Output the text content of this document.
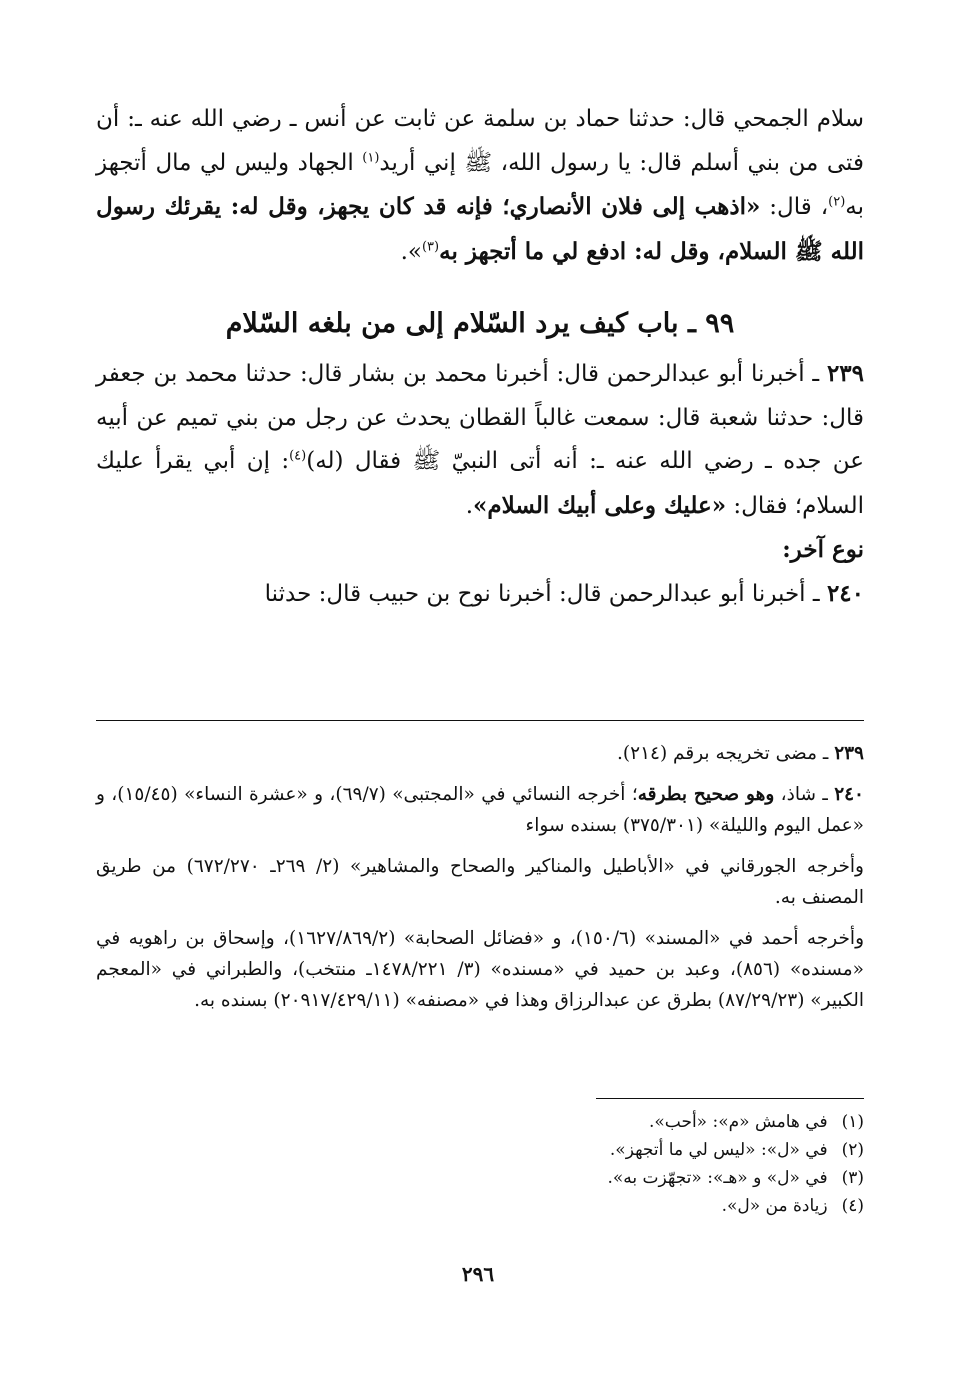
سلام الجمحي قال: حدثنا حماد بن سلمة عن ثابت عن أنس ـ رضي الله عنه ـ: أن فتى من بني أسلم قال: يا رسول الله، ﷺ إني أريد$^{(١)}$ الجهاد وليس لي مال أتجهز به$^{(٢)}$، قال: «اذهب إلى فلان الأنصاري؛ فإنه قد كان يجهز، وقل له: يقرئك رسول الله ﷺ السلام، وقل له: ادفع لي ما أتجهز به$^{(٣)}$».

٩٩ ـ باب كيف يرد السّلام إلى من بلغه السّلام

٢٣٩ ـ أخبرنا أبو عبدالرحمن قال: أخبرنا محمد بن بشار قال: حدثنا محمد بن جعفر قال: حدثنا شعبة قال: سمعت غالباً القطان يحدث عن رجل من بني تميم عن أبيه عن جده ـ رضي الله عنه ـ: أنه أتى النبيّ ﷺ فقال (له)$^{(٤)}$: إن أبي يقرأ عليك السلام؛ فقال: «عليك وعلى أبيك السلام».

نوع آخر:

٢٤٠ ـ أخبرنا أبو عبدالرحمن قال: أخبرنا نوح بن حبيب قال: حدثنا

٢٣٩ ـ مضى تخريجه برقم (٢١٤).

٢٤٠ ـ شاذ، وهو صحيح بطرقه؛ أخرجه النسائي في «المجتبى» (٦٩/٧)، و «عشرة النساء» (١٥/٤٥)، و «عمل اليوم والليلة» (٣٧٥/٣٠١) بسنده سواء

وأخرجه الجورقاني في «الأباطيل والمناكير والصحاح والمشاهير» (٢/ ٢٦٩ـ ٦٧٢/٢٧٠) من طريق المصنف به.

وأخرجه أحمد في «المسند» (١٥٠/٦)، و «فضائل الصحابة» (١٦٢٧/٨٦٩/٢)، وإسحاق بن راهويه في «مسنده» (٨٥٦)، وعبد بن حميد في «مسنده» (٣/ ١٤٧٨/٢٢١ـ منتخب)، والطبراني في «المعجم الكبير» (٨٧/٢٩/٢٣) بطرق عن عبدالرزاق وهذا في «مصنفه» (٢٠٩١٧/٤٢٩/١١) بسنده به.

(١)
في هامش «م»: «أحب».
(٢)
في «ل»: «ليس لي ما أتجهز».
(٣)
في «ل» و «هـ»: «تجهّزت به».
(٤)
زيادة من «ل».
٢٩٦
